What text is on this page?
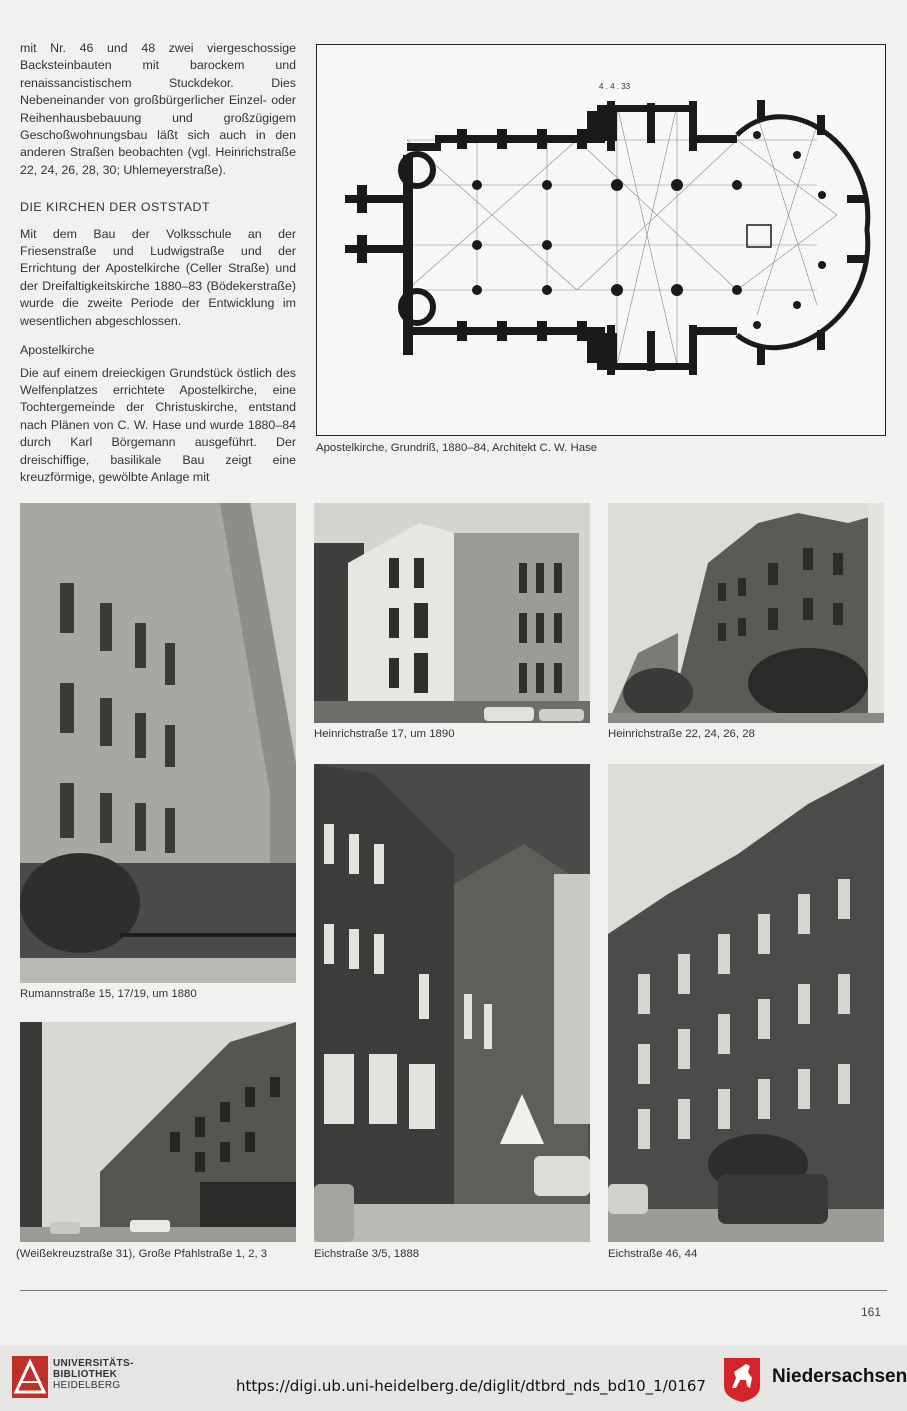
mit Nr. 46 und 48 zwei viergeschossige Backsteinbauten mit barockem und renaissancistischem Stuckdekor. Dies Nebeneinander von großbürgerlicher Einzel- oder Reihenhausbebauung und großzügigem Geschoßwohnungsbau läßt sich auch in den anderen Straßen beobachten (vgl. Heinrichstraße 22, 24, 26, 28, 30; Uhlemeyerstraße).

DIE KIRCHEN DER OSTSTADT

Mit dem Bau der Volksschule an der Friesenstraße und Ludwigstraße und der Errichtung der Apostelkirche (Celler Straße) und der Dreifaltigkeitskirche 1880–83 (Bödekerstraße) wurde die zweite Periode der Entwicklung im wesentlichen abgeschlossen.

Apostelkirche

Die auf einem dreieckigen Grundstück östlich des Welfenplatzes errichtete Apostelkirche, eine Tochtergemeinde der Christuskirche, entstand nach Plänen von C. W. Hase und wurde 1880–84 durch Karl Börgemann ausgeführt. Der dreischiffige, basilikale Bau zeigt eine kreuzförmige, gewölbte Anlage mit

4 . 4 . 33
Apostelkirche, Grundriß, 1880–84, Architekt C. W. Hase
Rumannstraße 15, 17/19, um 1880
Heinrichstraße 17, um 1890	Heinrichstraße 22, 24, 26, 28
(Weißekreuzstraße 31), Große Pfahlstraße 1, 2, 3	Eichstraße 3/5, 1888	Eichstraße 46, 44
161
UNIVERSITÄTS-
BIBLIOTHEK
HEIDELBERG	https://digi.ub.uni-heidelberg.de/diglit/dtbrd_nds_bd10_1/0167	Niedersachsen
